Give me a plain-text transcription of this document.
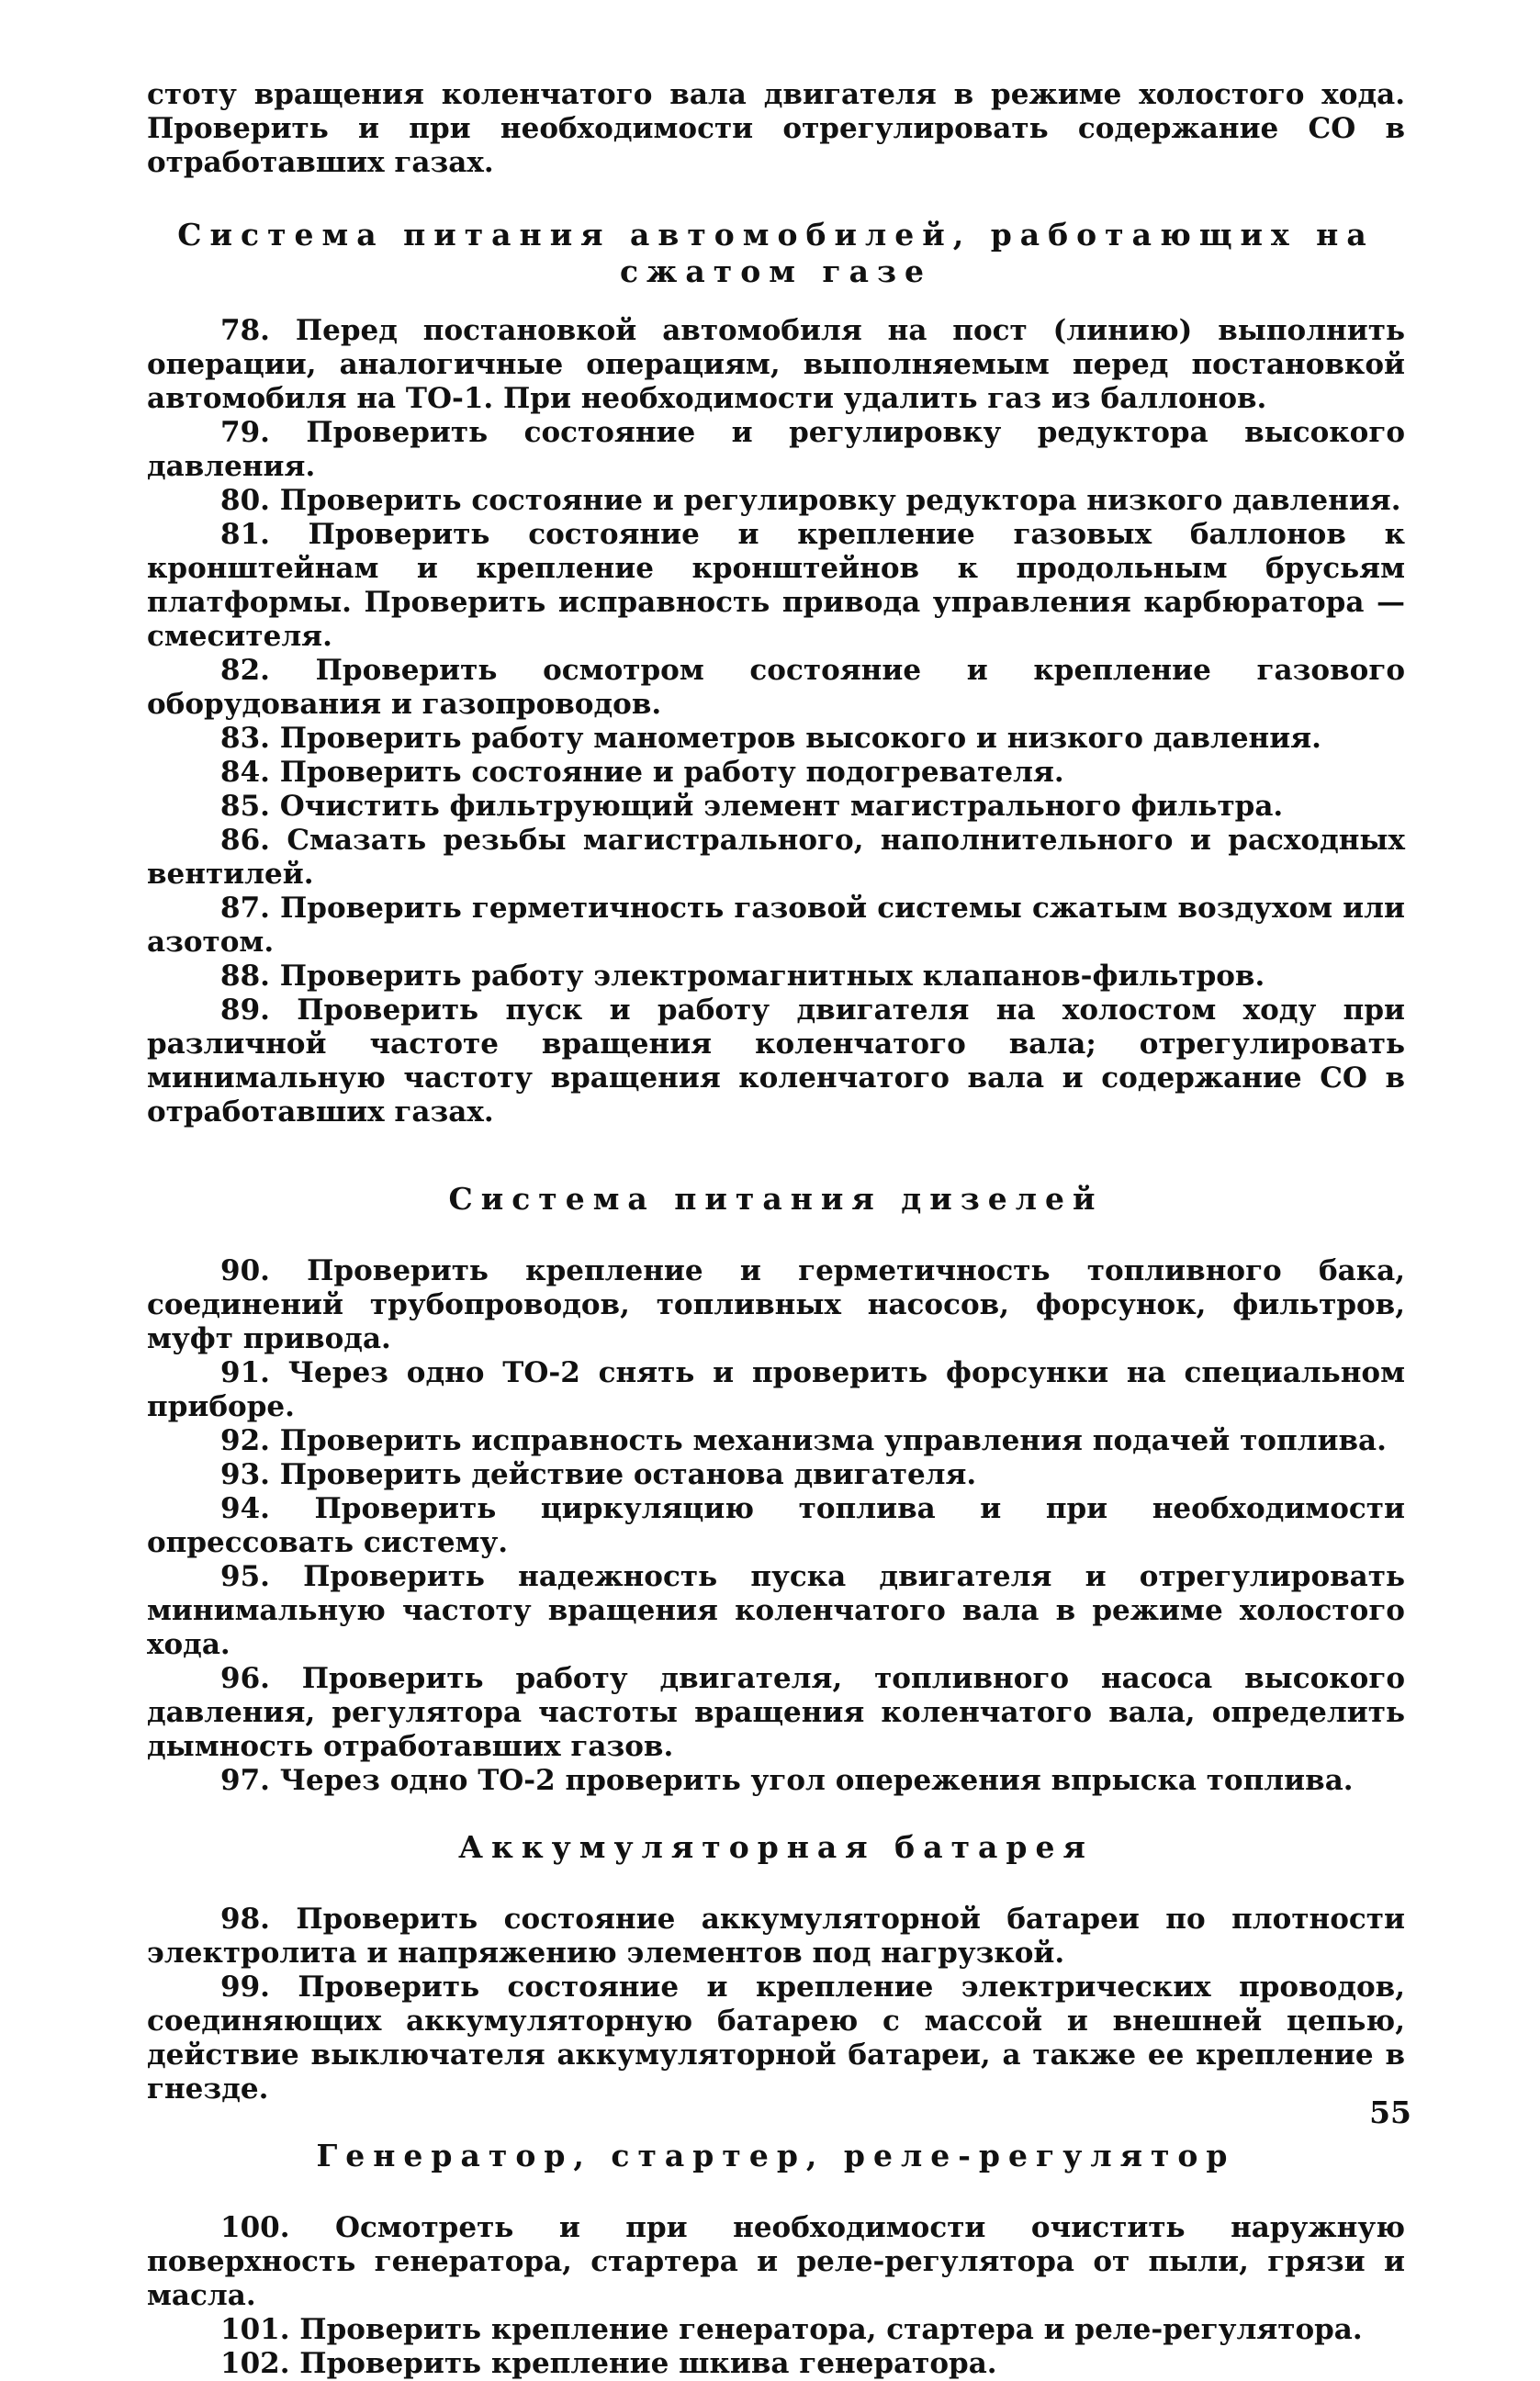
стоту вращения коленчатого вала двигателя в режиме холостого хода. Проверить и при необходимости отрегулировать содержание СО в отработавших газах.

Система питания автомобилей, работающих на сжатом газе

78. Перед постановкой автомобиля на пост (линию) выполнить операции, аналогичные операциям, выполняемым перед постановкой автомобиля на ТО-1. При необходимости удалить газ из баллонов.

79. Проверить состояние и регулировку редуктора высокого давления.

80. Проверить состояние и регулировку редуктора низкого давления.

81. Проверить состояние и крепление газовых баллонов к кронштейнам и крепление кронштейнов к продольным брусьям платформы. Проверить исправность привода управления карбюратора — смесителя.

82. Проверить осмотром состояние и крепление газового оборудования и газопроводов.

83. Проверить работу манометров высокого и низкого давления.

84. Проверить состояние и работу подогревателя.

85. Очистить фильтрующий элемент магистрального фильтра.

86. Смазать резьбы магистрального, наполнительного и расходных вентилей.

87. Проверить герметичность газовой системы сжатым воздухом или азотом.

88. Проверить работу электромагнитных клапанов-фильтров.

89. Проверить пуск и работу двигателя на холостом ходу при различной частоте вращения коленчатого вала; отрегулировать минимальную частоту вращения коленчатого вала и содержание СО в отработавших газах.

Система питания дизелей

90. Проверить крепление и герметичность топливного бака, соединений трубопроводов, топливных насосов, форсунок, фильтров, муфт привода.

91. Через одно ТО-2 снять и проверить форсунки на специальном приборе.

92. Проверить исправность механизма управления подачей топлива.

93. Проверить действие останова двигателя.

94. Проверить циркуляцию топлива и при необходимости опрессовать систему.

95. Проверить надежность пуска двигателя и отрегулировать минимальную частоту вращения коленчатого вала в режиме холостого хода.

96. Проверить работу двигателя, топливного насоса высокого давления, регулятора частоты вращения коленчатого вала, определить дымность отработавших газов.

97. Через одно ТО-2 проверить угол опережения впрыска топлива.

Аккумуляторная батарея

98. Проверить состояние аккумуляторной батареи по плотности электролита и напряжению элементов под нагрузкой.

99. Проверить состояние и крепление электрических проводов, соединяющих аккумуляторную батарею с массой и внешней цепью, действие выключателя аккумуляторной батареи, а также ее крепление в гнезде.

Генератор, стартер, реле-регулятор

100. Осмотреть и при необходимости очистить наружную поверхность генератора, стартера и реле-регулятора от пыли, грязи и масла.

101. Проверить крепление генератора, стартера и реле-регулятора.

102. Проверить крепление шкива генератора.

55
